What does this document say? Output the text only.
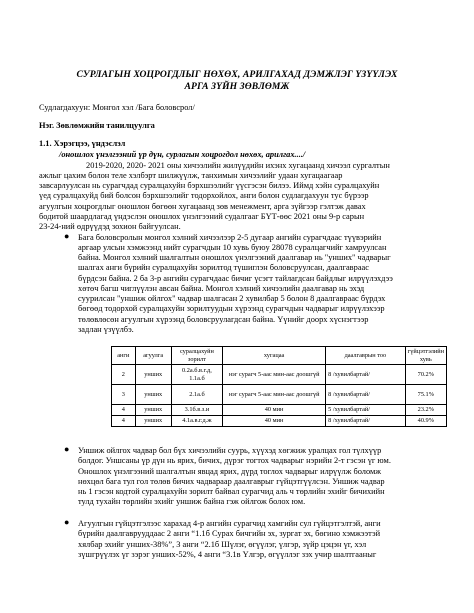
СУРЛАГЫН ХОЦРОГДЛЫГ НӨХӨХ, АРИЛГАХАД ДЭМЖЛЭГ ҮЗҮҮЛЭХ
АРГА ЗҮЙН ЗӨВЛӨМЖ
Судлагдахуун: Монгол хэл /Бага боловсрол/
Нэг. Зөвлөмжийн танилцуулга
1.1. Хэрэгцээ, үндэслэл
/оношлох үнэлгээний үр дүн, сурлагын хоцрогдол нөхөх, арилгах..../
2019-2020, 2020- 2021 оны хичээлийн жилүүдийн ихэнх хугацаанд хичээл сургалтын
ажлыг цахим болон теле хэлбэрт шилжүүлж, танхимын хичээлийг удаан хугацаагаар
завсарлуулсан нь сурагчдад суралцахуйн бэрхшээлийг үүсгэсэн билээ. Иймд хэйн суралцахуйн
үед суралцахуйд бий болсон бэрхшээлийг тодорхойлох, анги болон судлагдахуун тус бүрээр
агуулгын хоцрогдлыг оношлон бөгөөн хугацаанд зөв менежмент, арга зүйгээр гэлтэж давах
бодитой шаардлагад үндэслэн оношлох үнэлгээний судалгааг БҮТ-өөс 2021 оны 9-р сарын
23-24-ний өдрүүдэд зохион байгуулсан.
● Бага боловсролын монгол хэлний хичээлээр 2-5 дугаар ангийн сурагчдаас түүвэрийн
аргаар улсын хэмжээнд нийт сурагчдын 10 хувь буюу 28078 суралцагчийг хамруулсан
байна. Монгол хэлний шалгалтын оношлох үнэлгээний даалгавар нь "унших" чадварыг
шалгах анги бүрийн суралцахуйн зорилтод түшиглэн боловсруулсан, даалгавраас
бүрдсэн байна. 2 ба 3-р ангийн сурагчдаас бичиг үсэгт тайлагдсан байдлыг илрүүлэхдээ
хөтөч багш чиглүүлэн авсан байна. Монгол хэлний хичээлийн даалгавар нь эхэд
суурилсан "уншиж ойлгох" чадвар шалгасан 2 хувилбар 5 болон 8 даалгавраас бүрдэх
бөгөөд тодорхой суралцахуйн зорилтуудын хүрээнд сурагчдын чадварыг илрүүлэхээр
төлөвлөсөн агуулгын хүрээнд боловсруулагдсан байна. Үүнийг доорх хүснэгтээр
задлан үзүүлбэ.
анги	агуулга	суралцахуйн зорилт	хугацаа	даалгаврын тоо	гүйцэтгэлийн хувь
2	унших	0.2а.б.в.г.д, 1.1а.б	нэг сурагч 5-аас мин-аас доошгүй	8 /хувилбартай/	70.2%
3	унших	2.1а.б	нэг сурагч 5-аас мин-аас доошгүй	8 /хувилбартай/	75.1%
4	унших	3.1б.в.з.и	40 мин	5 /хувилбартай/	23.2%
4	унших	4.1а.в.г.д.ж	40 мин	8 /хувилбартай/	40.9%
● Уншиж ойлгох чадвар бол бүх хичээлийн суурь, хүүхэд хөгжиж уралцах гол түлхүүр
болдог. Уншсаны үр дүн нь ярих, бичих, дүрэг тогтох чадварыг нэрийн 2-т гэсэн үг юм.
Оношлох үнэлгээний шалгалтын явцад ярих, дүрд тоглох чадварыг илрүүлж боломж
нөхцөл бага тул гол төлөв бичих чадвараар даалгаврыг гүйцэтгүүлсэн. Уншиж чадвар
нь 1 гэсэн кодтой суралцахуйн зорилт байвал сурагчид аль ч төрлийн эхийг бичихийн
тулд тухайн төрлийн эхийг уншиж байна гэж ойлгож болох юм.
● Агуулгын гүйцэтгэлээс харахад 4-р ангийн сурагчид хамгийн сул гүйцэтгэлтэй, анги
бүрийн даалгаврууддаас 2 анги “1.1б Сурах бичгийн эх, зургат эх, бөгино хэмжээтэй
хялбар эхийг унших-38%”, 3 анги “2.1б Шүлэг, өгүүлэг, үлгэр, зүйр цэцэн үг, хэл
зүшгрүүлэх үг зэрэг унших-52%, 4 анги “3.1в Үлгэр, өгүүллэг зэх учир шалтгааныг
